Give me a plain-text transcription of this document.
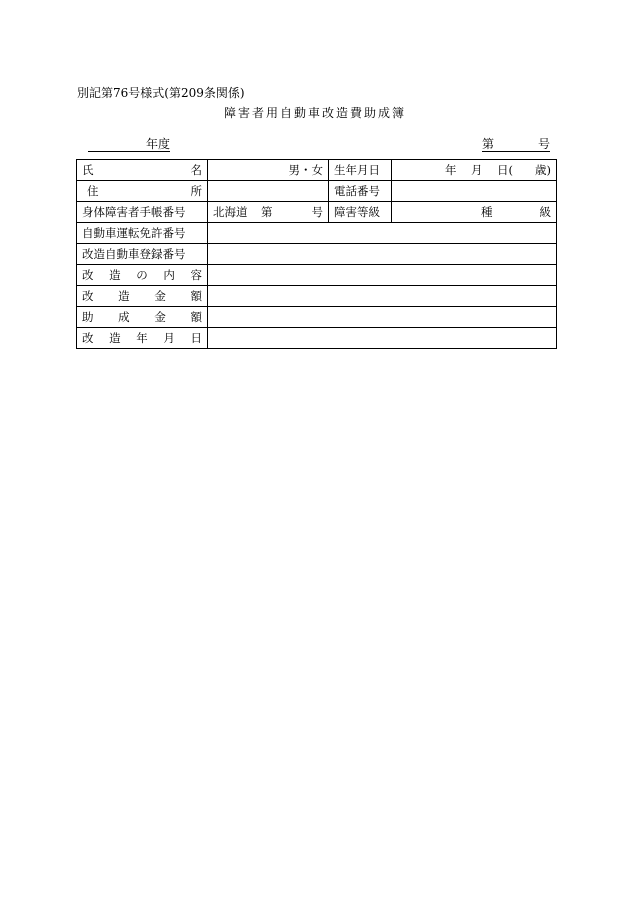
別記第76号様式(第209条関係)
障害者用自動車改造費助成簿
年度	第	号
氏 名	男・女	生年月日	年 月 日( 歳)

住 所		電話番号	
身体障害者手帳番号	北海道 第 号	障害等級	種 級

自動車運転免許番号			
改造自動車登録番号			

改 造 の 内 容			

改 造 金 額			

助 成 金 額			

改 造 年 月 日			
